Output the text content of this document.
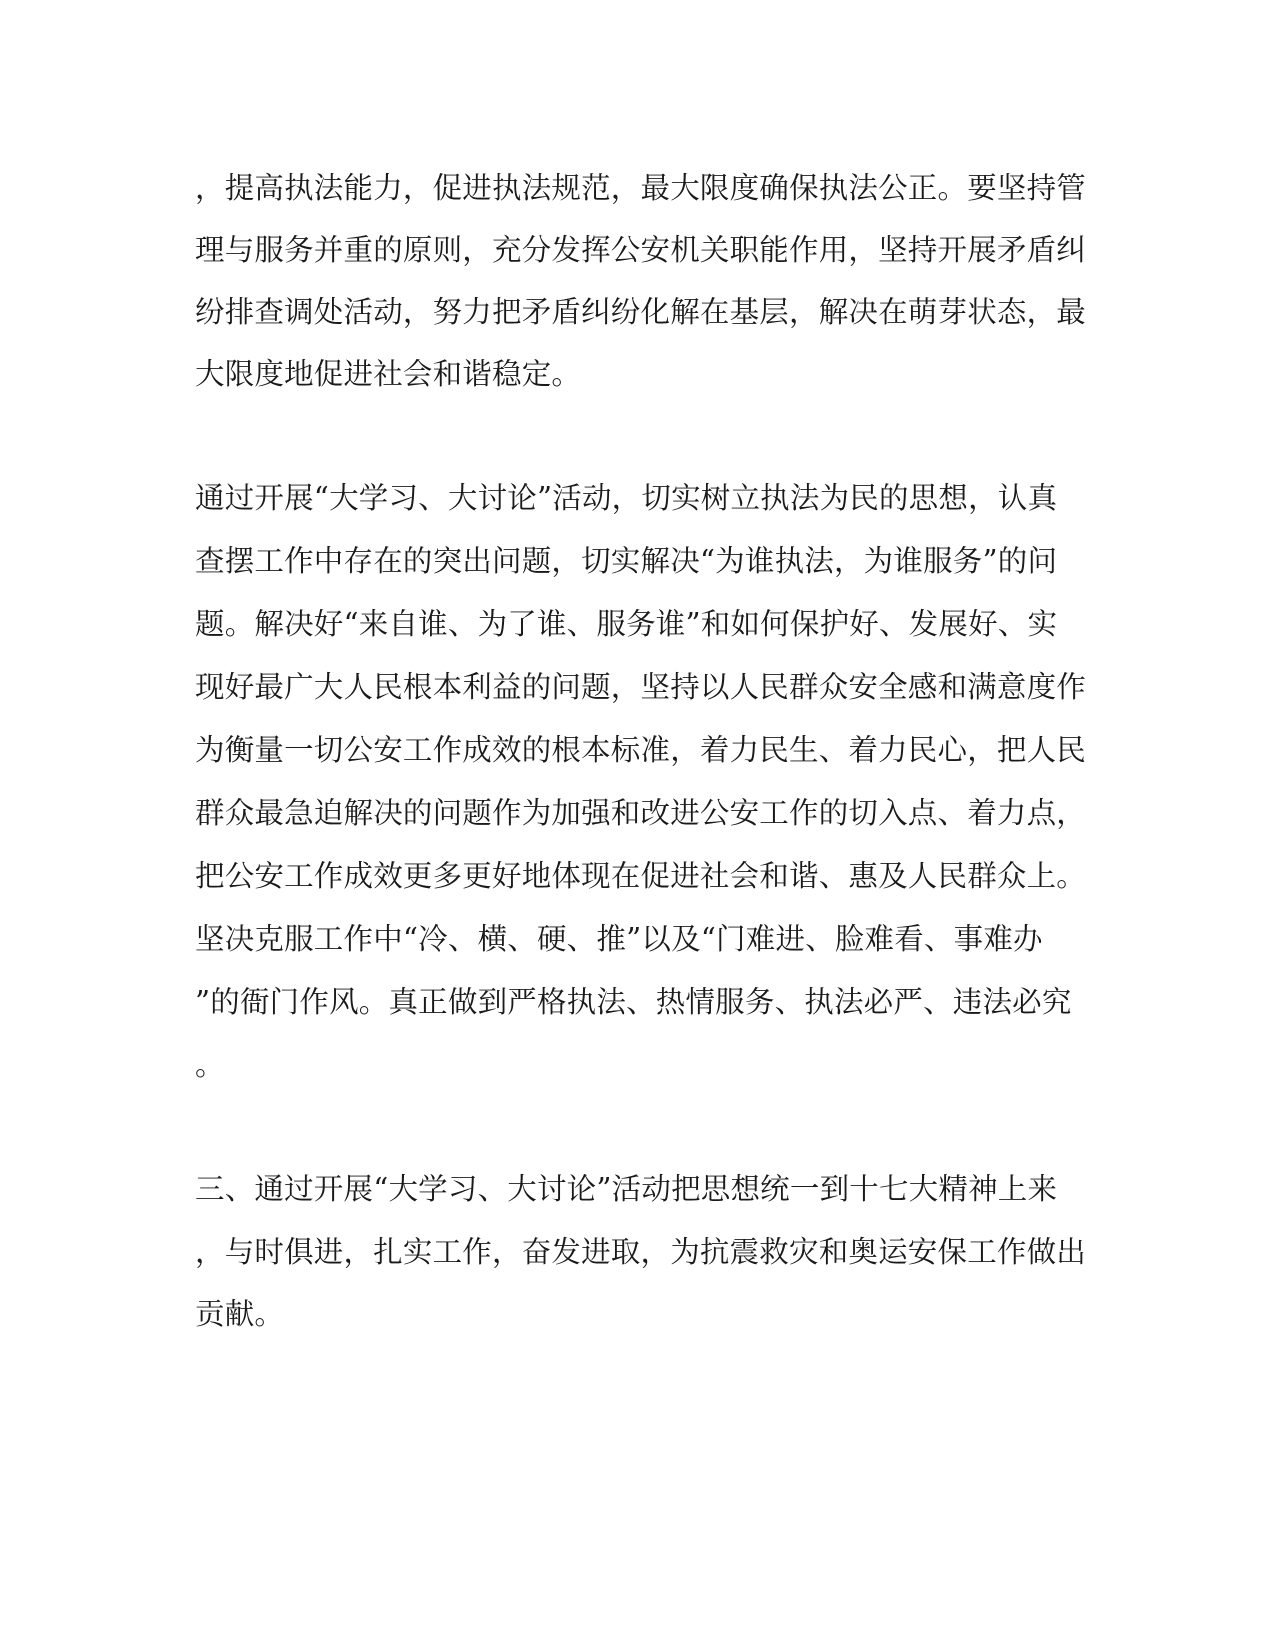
，提高执法能力，促进执法规范，最大限度确保执法公正。要坚持管
理与服务并重的原则，充分发挥公安机关职能作用，坚持开展矛盾纠
纷排查调处活动，努力把矛盾纠纷化解在基层，解决在萌芽状态，最
大限度地促进社会和谐稳定。
通过开展“大学习、大讨论”活动，切实树立执法为民的思想，认真
查摆工作中存在的突出问题，切实解决“为谁执法，为谁服务”的问
题。解决好“来自谁、为了谁、服务谁”和如何保护好、发展好、实
现好最广大人民根本利益的问题，坚持以人民群众安全感和满意度作
为衡量一切公安工作成效的根本标准，着力民生、着力民心，把人民
群众最急迫解决的问题作为加强和改进公安工作的切入点、着力点，
把公安工作成效更多更好地体现在促进社会和谐、惠及人民群众上。
坚决克服工作中“冷、横、硬、推”以及“门难进、脸难看、事难办
”的衙门作风。真正做到严格执法、热情服务、执法必严、违法必究
。
三、通过开展“大学习、大讨论”活动把思想统一到十七大精神上来
，与时俱进，扎实工作，奋发进取，为抗震救灾和奥运安保工作做出
贡献。
